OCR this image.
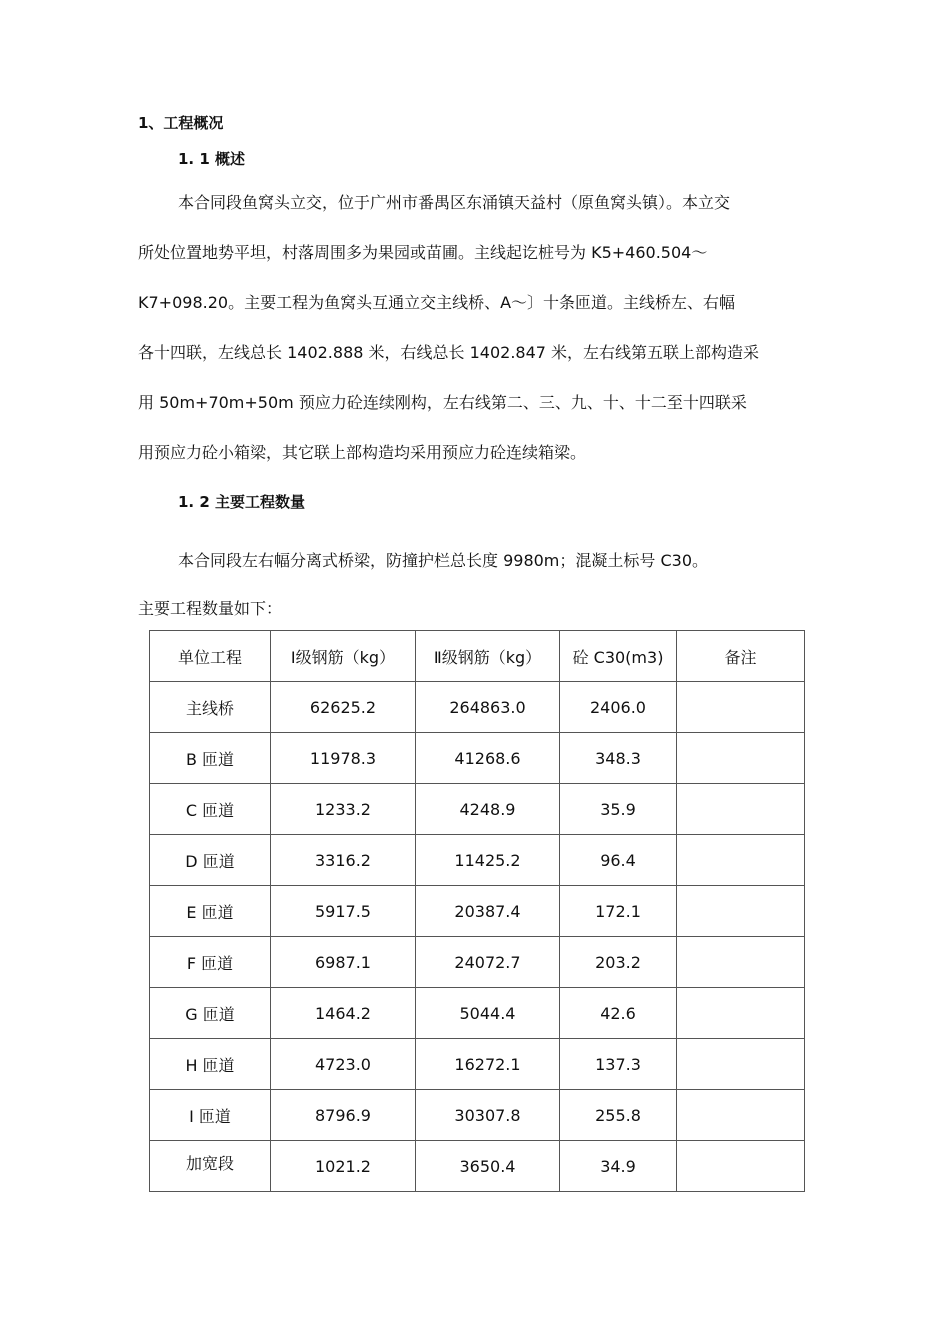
1、工程概况
1. 1 概述
本合同段鱼窝头立交，位于广州市番禺区东涌镇天益村（原鱼窝头镇）。本立交
所处位置地势平坦，村落周围多为果园或苗圃。主线起讫桩号为 K5+460.504～
K7+098.20。主要工程为鱼窝头互通立交主线桥、A～〕十条匝道。主线桥左、右幅
各十四联，左线总长 1402.888 米，右线总长 1402.847 米，左右线第五联上部构造采
用 50m+70m+50m 预应力砼连续刚构，左右线第二、三、九、十、十二至十四联采
用预应力砼小箱梁，其它联上部构造均采用预应力砼连续箱梁。
1. 2 主要工程数量
本合同段左右幅分离式桥梁，防撞护栏总长度 9980m；混凝土标号 C30。
主要工程数量如下：
单位工程	Ⅰ级钢筋（kg）	Ⅱ级钢筋（kg）	砼 C30(m3)	备注
主线桥	62625.2	264863.0	2406.0	
B 匝道	11978.3	41268.6	348.3	
C 匝道	1233.2	4248.9	35.9	
D 匝道	3316.2	11425.2	96.4	
E 匝道	5917.5	20387.4	172.1	
F 匝道	6987.1	24072.7	203.2	
G 匝道	1464.2	5044.4	42.6	
H 匝道	4723.0	16272.1	137.3	
I 匝道	8796.9	30307.8	255.8	
加宽段	1021.2	3650.4	34.9	
